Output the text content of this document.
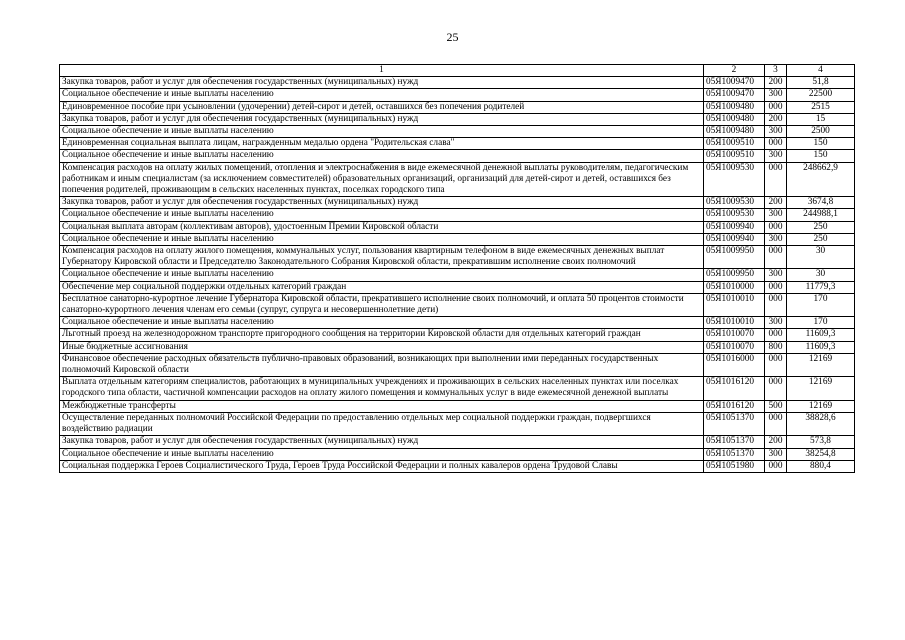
25
1	2	3	4
Закупка товаров, работ и услуг для обеспечения государственных (муниципальных) нужд	05Я1009470	200	51,8
Социальное обеспечение и иные выплаты населению	05Я1009470	300	22500
Единовременное пособие при усыновлении (удочерении) детей-сирот и детей, оставшихся без попечения родителей	05Я1009480	000	2515
Закупка товаров, работ и услуг для обеспечения государственных (муниципальных) нужд	05Я1009480	200	15
Социальное обеспечение и иные выплаты населению	05Я1009480	300	2500
Единовременная социальная выплата лицам, награжденным медалью ордена "Родительская слава"	05Я1009510	000	150
Социальное обеспечение и иные выплаты населению	05Я1009510	300	150
Компенсация расходов на оплату жилых помещений, отопления и электроснабжения в виде ежемесячной денежной выплаты руководителям, педагогическим работникам и иным специалистам (за исключением совместителей) образовательных организаций, организаций для детей-сирот и детей, оставшихся без попечения родителей, проживающим в сельских населенных пунктах, поселках городского типа	05Я1009530	000	248662,9
Закупка товаров, работ и услуг для обеспечения государственных (муниципальных) нужд	05Я1009530	200	3674,8
Социальное обеспечение и иные выплаты населению	05Я1009530	300	244988,1
Социальная выплата авторам (коллективам авторов), удостоенным Премии Кировской области	05Я1009940	000	250
Социальное обеспечение и иные выплаты населению	05Я1009940	300	250
Компенсация расходов на оплату жилого помещения, коммунальных услуг, пользования квартирным телефоном в виде ежемесячных денежных выплат Губернатору Кировской области и Председателю Законодательного Собрания Кировской области, прекратившим исполнение своих полномочий	05Я1009950	000	30
Социальное обеспечение и иные выплаты населению	05Я1009950	300	30
Обеспечение мер социальной поддержки отдельных категорий граждан	05Я1010000	000	11779,3
Бесплатное санаторно-курортное лечение Губернатора Кировской области, прекратившего исполнение своих полномочий, и оплата 50 процентов стоимости санаторно-курортного лечения членам его семьи (супруг, супруга и несовершеннолетние дети)	05Я1010010	000	170
Социальное обеспечение и иные выплаты населению	05Я1010010	300	170
Льготный проезд на железнодорожном транспорте пригородного сообщения на территории Кировской области для отдельных категорий граждан	05Я1010070	000	11609,3
Иные бюджетные ассигнования	05Я1010070	800	11609,3
Финансовое обеспечение расходных обязательств публично-правовых образований, возникающих при выполнении ими переданных государственных полномочий Кировской области	05Я1016000	000	12169
Выплата отдельным категориям специалистов, работающих в муниципальных учреждениях и проживающих в сельских населенных пунктах или поселках городского типа области, частичной компенсации расходов на оплату жилого помещения и коммунальных услуг в виде ежемесячной денежной выплаты	05Я1016120	000	12169
Межбюджетные трансферты	05Я1016120	500	12169
Осуществление переданных полномочий Российской Федерации по предоставлению отдельных мер социальной поддержки граждан, подвергшихся воздействию радиации	05Я1051370	000	38828,6
Закупка товаров, работ и услуг для обеспечения государственных (муниципальных) нужд	05Я1051370	200	573,8
Социальное обеспечение и иные выплаты населению	05Я1051370	300	38254,8
Социальная поддержка Героев Социалистического Труда, Героев Труда Российской Федерации и полных кавалеров ордена Трудовой Славы	05Я1051980	000	880,4
